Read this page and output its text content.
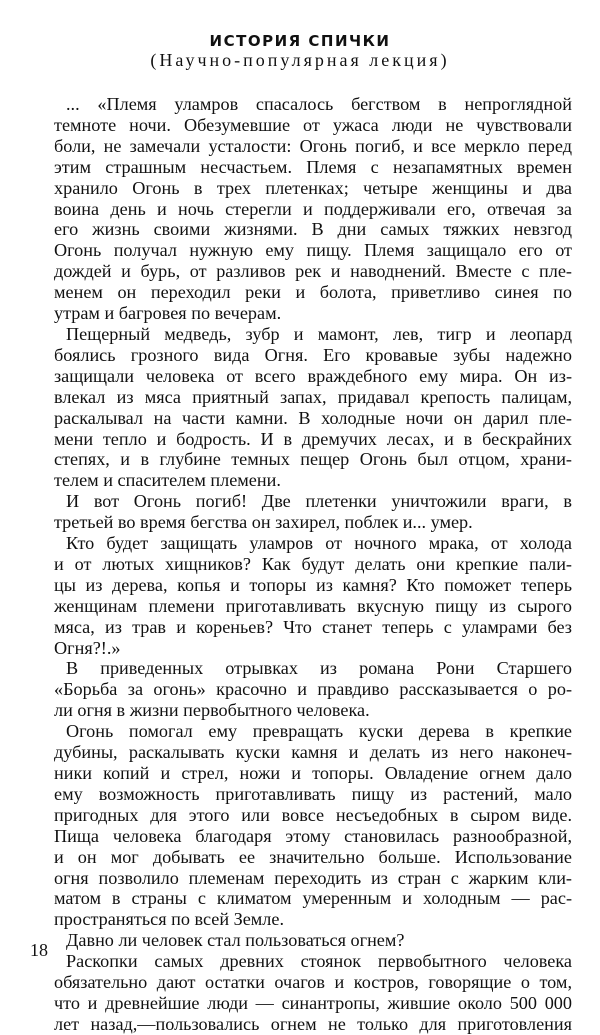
ИСТОРИЯ СПИЧКИ
(Научно-популярная лекция)
... «Племя уламров спасалось бегством в непроглядной
темноте ночи. Обезумевшие от ужаса люди не чувствовали
боли, не замечали усталости: Огонь погиб, и все меркло перед
этим страшным несчастьем. Племя с незапамятных времен
хранило Огонь в трех плетенках; четыре женщины и два
воина день и ночь стерегли и поддерживали его, отвечая за
его жизнь своими жизнями. В дни самых тяжких невзгод
Огонь получал нужную ему пищу. Племя защищало его от
дождей и бурь, от разливов рек и наводнений. Вместе с пле-
менем он переходил реки и болота, приветливо синея по
утрам и багровея по вечерам.
Пещерный медведь, зубр и мамонт, лев, тигр и леопард
боялись грозного вида Огня. Его кровавые зубы надежно
защищали человека от всего враждебного ему мира. Он из-
влекал из мяса приятный запах, придавал крепость палицам,
раскалывал на части камни. В холодные ночи он дарил пле-
мени тепло и бодрость. И в дремучих лесах, и в бескрайних
степях, и в глубине темных пещер Огонь был отцом, храни-
телем и спасителем племени.
И вот Огонь погиб! Две плетенки уничтожили враги, в
третьей во время бегства он захирел, поблек и... умер.
Кто будет защищать уламров от ночного мрака, от холода
и от лютых хищников? Как будут делать они крепкие пали-
цы из дерева, копья и топоры из камня? Кто поможет теперь
женщинам племени приготавливать вкусную пищу из сырого
мяса, из трав и кореньев? Что станет теперь с уламрами без
Огня?!.»
В приведенных отрывках из романа Рони Старшего
«Борьба за огонь» красочно и правдиво рассказывается о ро-
ли огня в жизни первобытного человека.
Огонь помогал ему превращать куски дерева в крепкие
дубины, раскалывать куски камня и делать из него наконеч-
ники копий и стрел, ножи и топоры. Овладение огнем дало
ему возможность приготавливать пищу из растений, мало
пригодных для этого или вовсе несъедобных в сыром виде.
Пища человека благодаря этому становилась разнообразной,
и он мог добывать ее значительно больше. Использование
огня позволило племенам переходить из стран с жарким кли-
матом в страны с климатом умеренным и холодным — рас-
пространяться по всей Земле.
Давно ли человек стал пользоваться огнем?
Раскопки самых древних стоянок первобытного человека
обязательно дают остатки очагов и костров, говорящие о том,
что и древнейшие люди — синантропы, жившие около 500 000
лет назад,—пользовались огнем не только для приготовления
18
